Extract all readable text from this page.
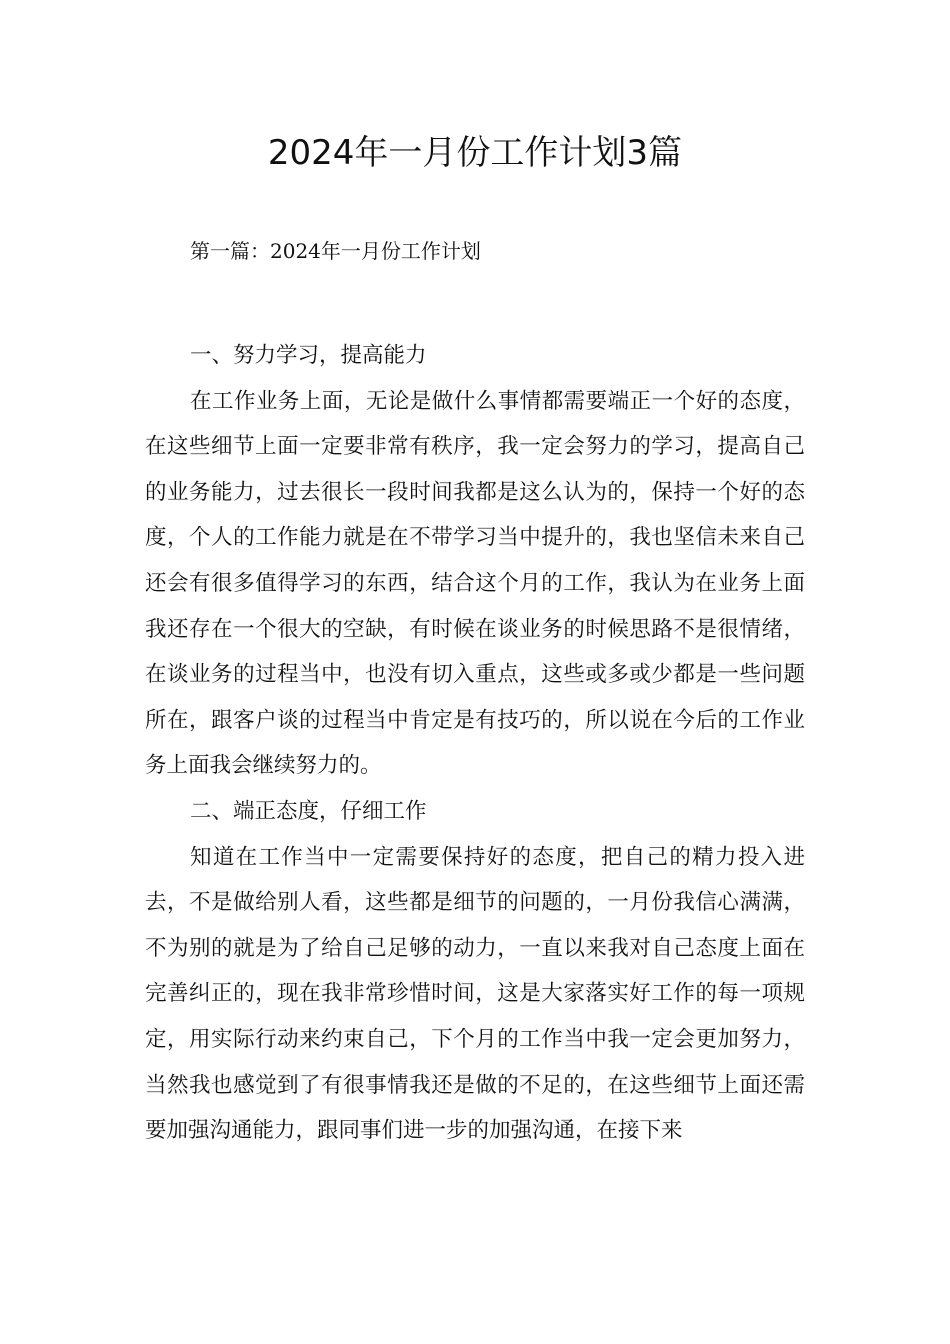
2024年一月份工作计划3篇

第一篇：2024年一月份工作计划

一、努力学习，提高能力

在工作业务上面，无论是做什么事情都需要端正一个好的态度，在这些细节上面一定要非常有秩序，我一定会努力的学习，提高自己的业务能力，过去很长一段时间我都是这么认为的，保持一个好的态度，个人的工作能力就是在不带学习当中提升的，我也坚信未来自己还会有很多值得学习的东西，结合这个月的工作，我认为在业务上面我还存在一个很大的空缺，有时候在谈业务的时候思路不是很情绪，在谈业务的过程当中，也没有切入重点，这些或多或少都是一些问题所在，跟客户谈的过程当中肯定是有技巧的，所以说在今后的工作业务上面我会继续努力的。

二、端正态度，仔细工作

知道在工作当中一定需要保持好的态度，把自己的精力投入进去，不是做给别人看，这些都是细节的问题的，一月份我信心满满，不为别的就是为了给自己足够的动力，一直以来我对自己态度上面在完善纠正的，现在我非常珍惜时间，这是大家落实好工作的每一项规定，用实际行动来约束自己，下个月的工作当中我一定会更加努力，当然我也感觉到了有很事情我还是做的不足的，在这些细节上面还需要加强沟通能力，跟同事们进一步的加强沟通，在接下来
